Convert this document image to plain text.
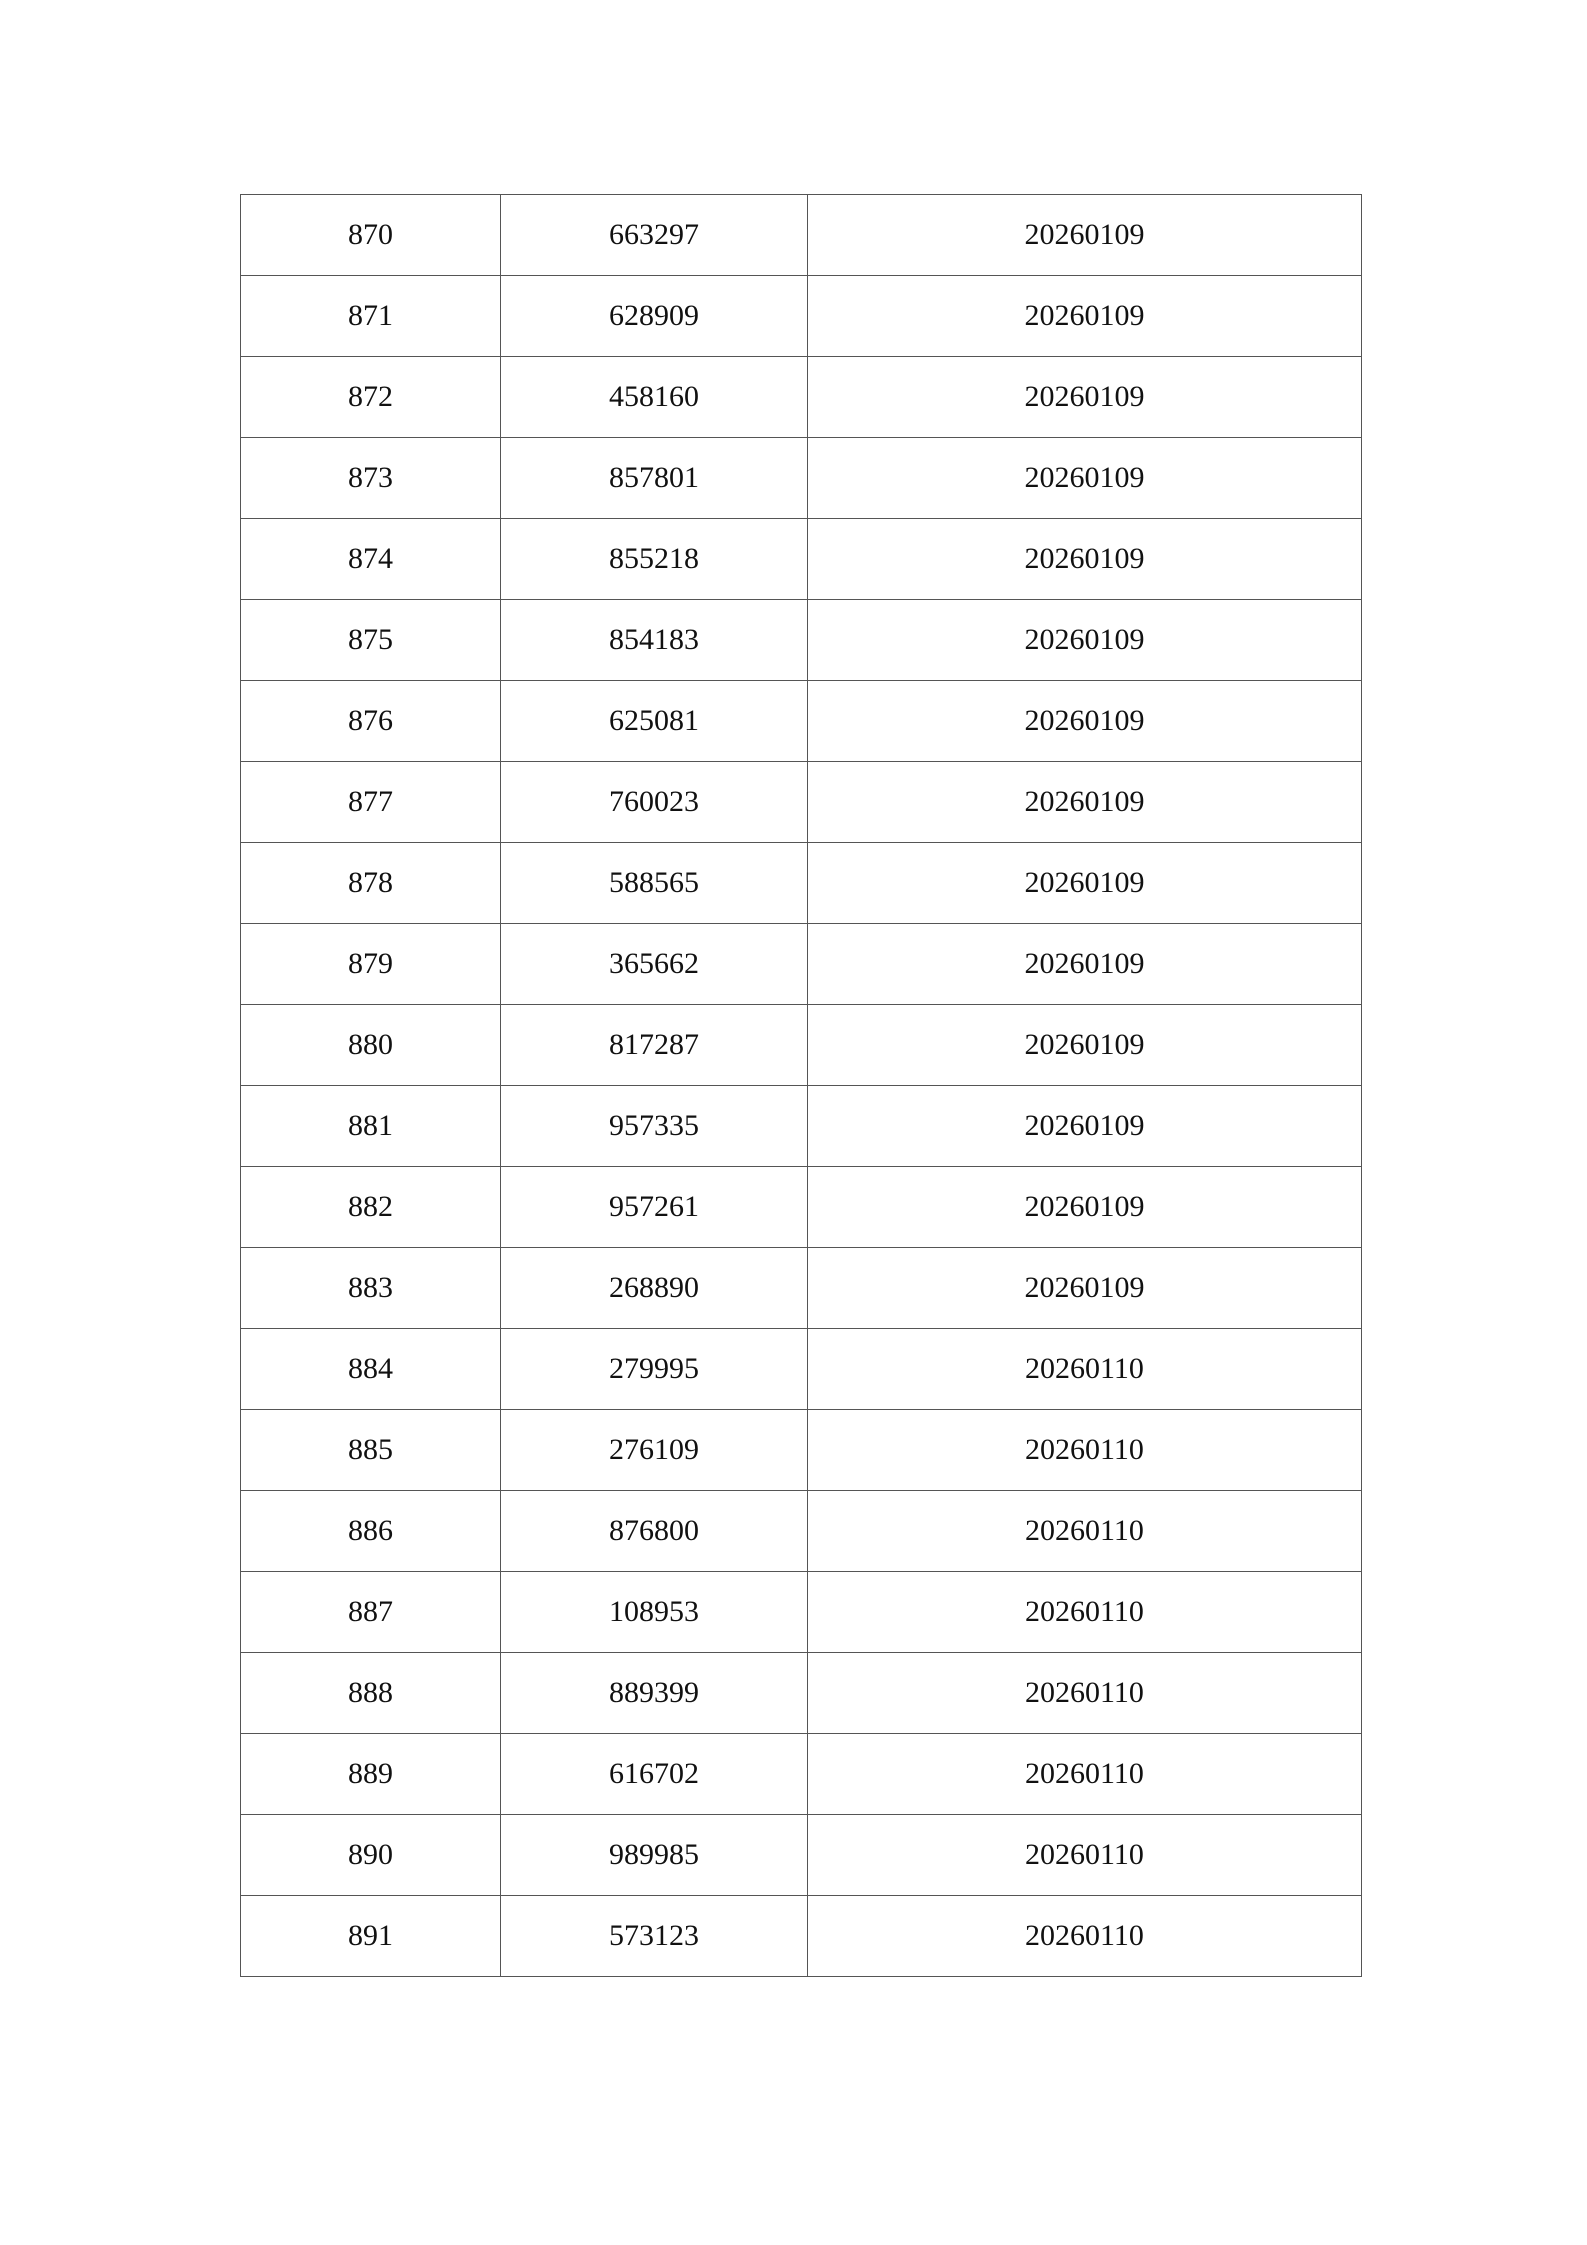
870	663297	20260109
871	628909	20260109
872	458160	20260109
873	857801	20260109
874	855218	20260109
875	854183	20260109
876	625081	20260109
877	760023	20260109
878	588565	20260109
879	365662	20260109
880	817287	20260109
881	957335	20260109
882	957261	20260109
883	268890	20260109
884	279995	20260110
885	276109	20260110
886	876800	20260110
887	108953	20260110
888	889399	20260110
889	616702	20260110
890	989985	20260110
891	573123	20260110
